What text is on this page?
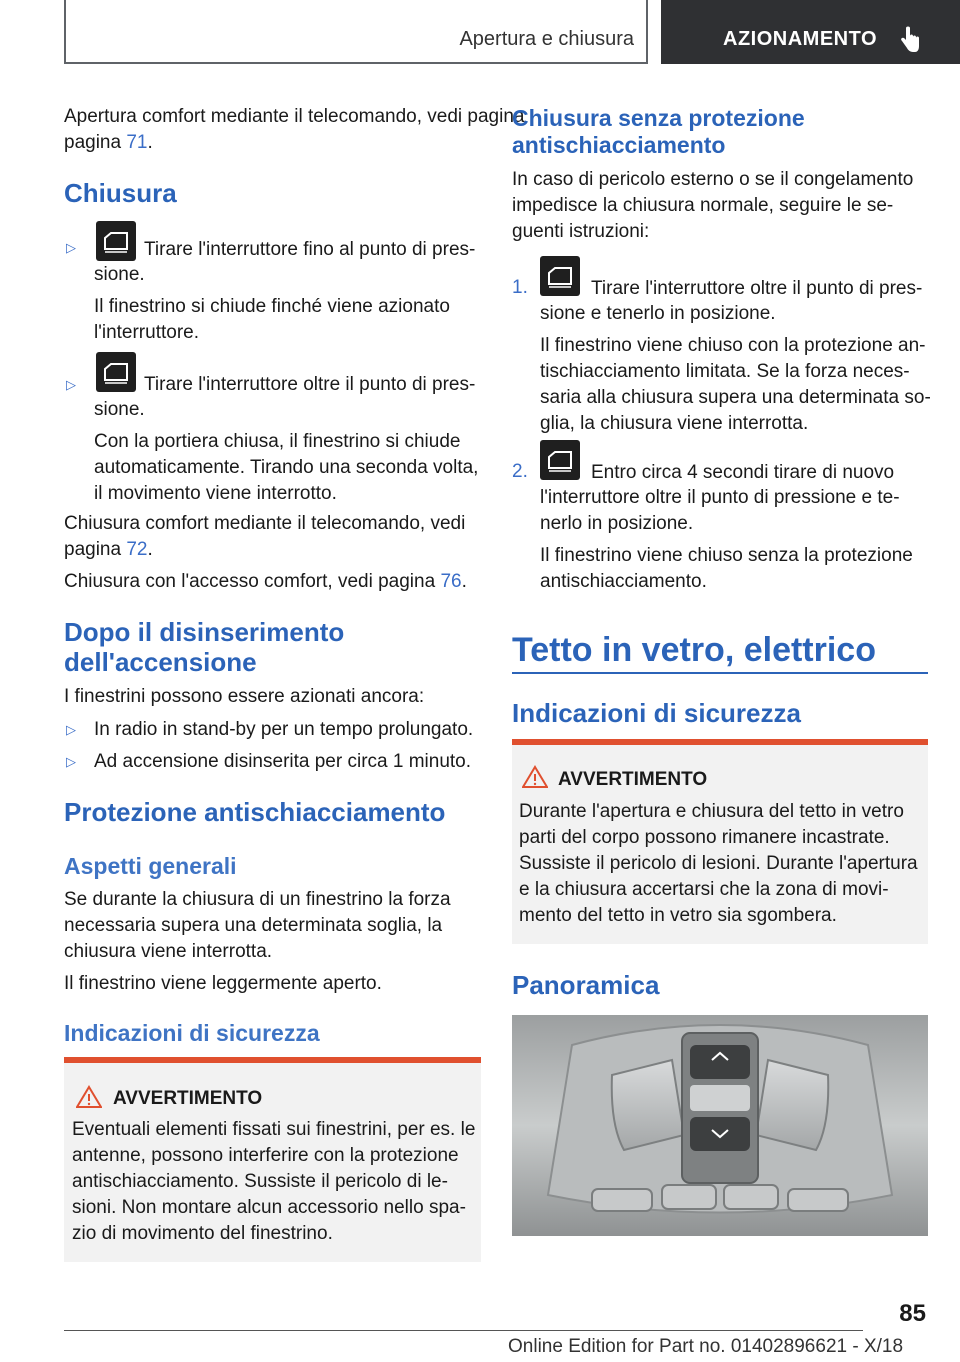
Apertura e chiusura	AZIONAMENTO
Apertura comfort mediante il telecomando, vedi pagina

Chiusura
▷	Tirare l'interruttore fino al punto di pres-
sione.
Il finestrino si chiude finché viene azionato
l'interruttore.
▷	Tirare l'interruttore oltre il punto di pres-
sione.
Con la portiera chiusa, il finestrino si chiude
automaticamente. Tirando una seconda volta,
il movimento viene interrotto.
Chiusura comfort mediante il telecomando, vedi
pagina 72.
Chiusura con l'accesso comfort, vedi pagina 76.
Dopo il disinserimento
dell'accensione
I finestrini possono essere azionati ancora:
▷ In radio in stand-by per un tempo prolungato.
▷ Ad accensione disinserita per circa 1 minuto.
Protezione antischiacciamento
Aspetti generali
Se durante la chiusura di un finestrino la forza
necessaria supera una determinata soglia, la
chiusura viene interrotta.
Il finestrino viene leggermente aperto.
Indicazioni di sicurezza
AVVERTIMENTO
Eventuali elementi fissati sui finestrini, per es. le
antenne, possono interferire con la protezione
antischiacciamento. Sussiste il pericolo di le-
sioni. Non montare alcun accessorio nello spa-
zio di movimento del finestrino.
Chiusura senza protezione
antischiacciamento
In caso di pericolo esterno o se il congelamento
impedisce la chiusura normale, seguire le se-
guenti istruzioni:
1.	Tirare l'interruttore oltre il punto di pres-
sione e tenerlo in posizione.
Il finestrino viene chiuso con la protezione an-
tischiacciamento limitata. Se la forza neces-
saria alla chiusura supera una determinata so-
glia, la chiusura viene interrotta.
2.	Entro circa 4 secondi tirare di nuovo
l'interruttore oltre il punto di pressione e te-
nerlo in posizione.
Il finestrino viene chiuso senza la protezione
antischiacciamento.
Tetto in vetro, elettrico
Indicazioni di sicurezza
AVVERTIMENTO
Durante l'apertura e chiusura del tetto in vetro
parti del corpo possono rimanere incastrate.
Sussiste il pericolo di lesioni. Durante l'apertura
e la chiusura accertarsi che la zona di movi-
mento del tetto in vetro sia sgombera.
Panoramica
85
Online Edition for Part no. 01402896621 - X/18
pagina 71.
